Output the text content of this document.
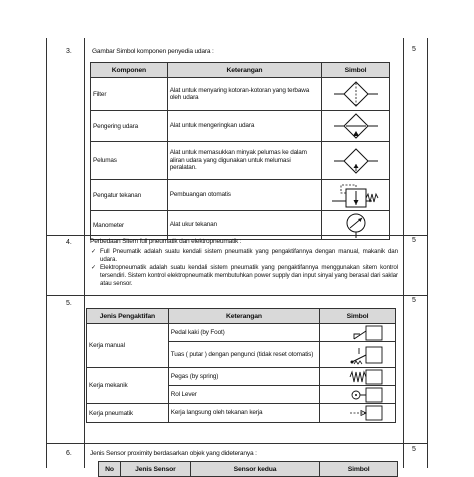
3.	5
Gambar Simbol komponen penyedia udara :
Komponen	Keterangan	Simbol
Filter	Alat untuk menyaring kotoran-kotoran yang terbawa oleh udara	

Pengering udara	Alat untuk mengeringkan udara	

Pelumas	Alat untuk memasukkan minyak pelumas ke dalam aliran udara yang digunakan untuk melumasi peralatan.	

Pengatur tekanan	Pembuangan otomatis	

Manometer	Alat ukur tekanan	
4.	5
Perbedaan Sitem full pneumatik dan elektropneumatik :
✓ Full Pneumatik adalah suatu kendali sistem pneumatik yang pengaktifannya dengan manual, makanik dan udara.
✓ Elektropneumatik adalah suatu kendali sistem pneumatik yang pengaktifannya menggunakan sitem kontrol tersendiri. Sistem kontrol elektropneumatik membutuhkan power supply dan input sinyal yang berasal dari saklar atau sensor.
5.	5
Jenis Pengaktifan	Keterangan	Simbol
Kerja manual	Pedal kaki (by Foot)	

	Tuas ( putar ) dengan pengunci (tidak reset otomatis)	

Kerja mekanik	Pegas (by spring)	

	Rol Lever	

Kerja pneumatik	Kerja langsung oleh tekanan kerja	
6.
5
Jenis Sensor proximity berdasarkan objek yang dideteranya :
No	Jenis Sensor	Sensor kedua	Simbol
